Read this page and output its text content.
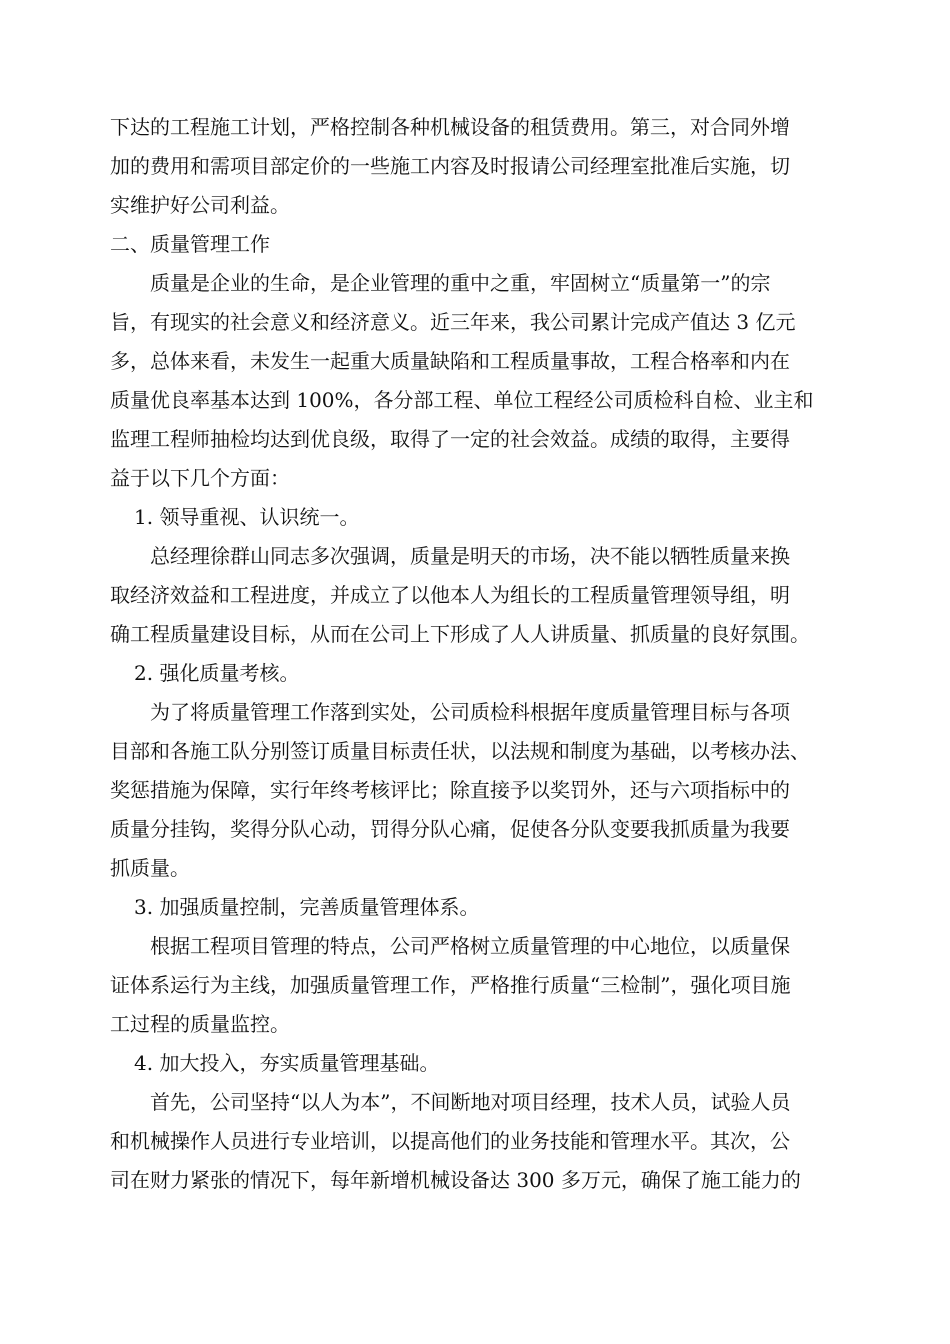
下达的工程施工计划，严格控制各种机械设备的租赁费用。第三，对合同外增
加的费用和需项目部定价的一些施工内容及时报请公司经理室批准后实施，切
实维护好公司利益。
二、质量管理工作
质量是企业的生命，是企业管理的重中之重，牢固树立“质量第一”的宗
旨，有现实的社会意义和经济意义。近三年来，我公司累计完成产值达 3 亿元
多，总体来看，未发生一起重大质量缺陷和工程质量事故，工程合格率和内在
质量优良率基本达到 100%，各分部工程、单位工程经公司质检科自检、业主和
监理工程师抽检均达到优良级，取得了一定的社会效益。成绩的取得，主要得
益于以下几个方面：
1. 领导重视、认识统一。
总经理徐群山同志多次强调，质量是明天的市场，决不能以牺牲质量来换
取经济效益和工程进度，并成立了以他本人为组长的工程质量管理领导组，明
确工程质量建设目标，从而在公司上下形成了人人讲质量、抓质量的良好氛围。
2. 强化质量考核。
为了将质量管理工作落到实处，公司质检科根据年度质量管理目标与各项
目部和各施工队分别签订质量目标责任状，以法规和制度为基础，以考核办法、
奖惩措施为保障，实行年终考核评比；除直接予以奖罚外，还与六项指标中的
质量分挂钩，奖得分队心动，罚得分队心痛，促使各分队变要我抓质量为我要
抓质量。
3. 加强质量控制，完善质量管理体系。
根据工程项目管理的特点，公司严格树立质量管理的中心地位，以质量保
证体系运行为主线，加强质量管理工作，严格推行质量“三检制”，强化项目施
工过程的质量监控。
4. 加大投入，夯实质量管理基础。
首先，公司坚持“以人为本”，不间断地对项目经理，技术人员，试验人员
和机械操作人员进行专业培训，以提高他们的业务技能和管理水平。其次，公
司在财力紧张的情况下，每年新增机械设备达 300 多万元，确保了施工能力的
